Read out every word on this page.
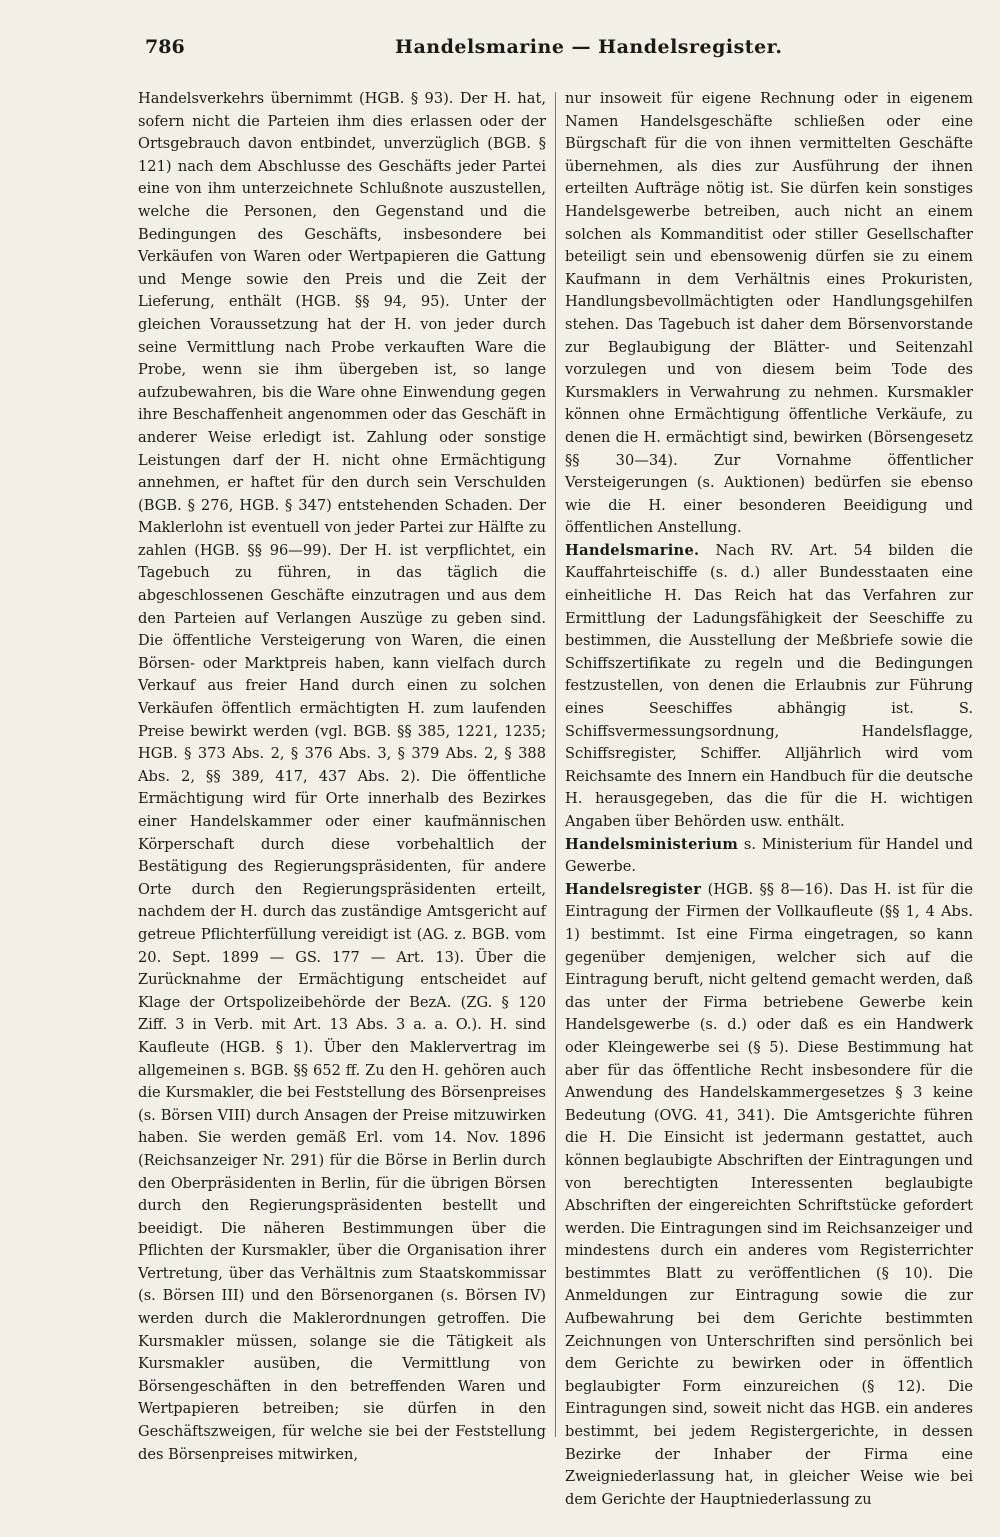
786	Handelsmarine — Handelsregister.

Handelsverkehrs übernimmt (HGB. § 93). Der H. hat, sofern nicht die Parteien ihm dies erlassen oder der Ortsgebrauch davon entbindet, unverzüglich (BGB. § 121) nach dem Abschlusse des Geschäfts jeder Partei eine von ihm unterzeichnete Schlußnote auszustellen, welche die Personen, den Gegenstand und die Bedingungen des Geschäfts, insbesondere bei Verkäufen von Waren oder Wertpapieren die Gattung und Menge sowie den Preis und die Zeit der Lieferung, enthält (HGB. §§ 94, 95). Unter der gleichen Voraussetzung hat der H. von jeder durch seine Vermittlung nach Probe verkauften Ware die Probe, wenn sie ihm übergeben ist, so lange aufzubewahren, bis die Ware ohne Einwendung gegen ihre Beschaffenheit angenommen oder das Geschäft in anderer Weise erledigt ist. Zahlung oder sonstige Leistungen darf der H. nicht ohne Ermächtigung annehmen, er haftet für den durch sein Verschulden (BGB. § 276, HGB. § 347) entstehenden Schaden. Der Maklerlohn ist eventuell von jeder Partei zur Hälfte zu zahlen (HGB. §§ 96—99). Der H. ist verpflichtet, ein Tagebuch zu führen, in das täglich die abgeschlossenen Geschäfte einzutragen und aus dem den Parteien auf Verlangen Auszüge zu geben sind. Die öffentliche Versteigerung von Waren, die einen Börsen- oder Marktpreis haben, kann vielfach durch Verkauf aus freier Hand durch einen zu solchen Verkäufen öffentlich ermächtigten H. zum laufenden Preise bewirkt werden (vgl. BGB. §§ 385, 1221, 1235; HGB. § 373 Abs. 2, § 376 Abs. 3, § 379 Abs. 2, § 388 Abs. 2, §§ 389, 417, 437 Abs. 2). Die öffentliche Ermächtigung wird für Orte innerhalb des Bezirkes einer Handelskammer oder einer kaufmännischen Körperschaft durch diese vorbehaltlich der Bestätigung des Regierungspräsidenten, für andere Orte durch den Regierungspräsidenten erteilt, nachdem der H. durch das zuständige Amtsgericht auf getreue Pflichterfüllung vereidigt ist (AG. z. BGB. vom 20. Sept. 1899 — GS. 177 — Art. 13). Über die Zurücknahme der Ermächtigung entscheidet auf Klage der Ortspolizeibehörde der BezA. (ZG. § 120 Ziff. 3 in Verb. mit Art. 13 Abs. 3 a. a. O.). H. sind Kaufleute (HGB. § 1). Über den Maklervertrag im allgemeinen s. BGB. §§ 652 ff. Zu den H. gehören auch die Kursmakler, die bei Feststellung des Börsenpreises (s. Börsen VIII) durch Ansagen der Preise mitzuwirken haben. Sie werden gemäß Erl. vom 14. Nov. 1896 (Reichsanzeiger Nr. 291) für die Börse in Berlin durch den Oberpräsidenten in Berlin, für die übrigen Börsen durch den Regierungspräsidenten bestellt und beeidigt. Die näheren Bestimmungen über die Pflichten der Kursmakler, über die Organisation ihrer Vertretung, über das Verhältnis zum Staatskommissar (s. Börsen III) und den Börsenorganen (s. Börsen IV) werden durch die Maklerordnungen getroffen. Die Kursmakler müssen, solange sie die Tätigkeit als Kursmakler ausüben, die Vermittlung von Börsengeschäften in den betreffenden Waren und Wertpapieren betreiben; sie dürfen in den Geschäftszweigen, für welche sie bei der Feststellung des Börsenpreises mitwirken,

nur insoweit für eigene Rechnung oder in eigenem Namen Handelsgeschäfte schließen oder eine Bürgschaft für die von ihnen vermittelten Geschäfte übernehmen, als dies zur Ausführung der ihnen erteilten Aufträge nötig ist. Sie dürfen kein sonstiges Handelsgewerbe betreiben, auch nicht an einem solchen als Kommanditist oder stiller Gesellschafter beteiligt sein und ebensowenig dürfen sie zu einem Kaufmann in dem Verhältnis eines Prokuristen, Handlungsbevollmächtigten oder Handlungsgehilfen stehen. Das Tagebuch ist daher dem Börsenvorstande zur Beglaubigung der Blätter- und Seitenzahl vorzulegen und von diesem beim Tode des Kursmaklers in Verwahrung zu nehmen. Kursmakler können ohne Ermächtigung öffentliche Verkäufe, zu denen die H. ermächtigt sind, bewirken (Börsengesetz §§ 30—34). Zur Vornahme öffentlicher Versteigerungen (s. Auktionen) bedürfen sie ebenso wie die H. einer besonderen Beeidigung und öffentlichen Anstellung.

Handelsmarine. Nach RV. Art. 54 bilden die Kauffahrteischiffe (s. d.) aller Bundesstaaten eine einheitliche H. Das Reich hat das Verfahren zur Ermittlung der Ladungsfähigkeit der Seeschiffe zu bestimmen, die Ausstellung der Meßbriefe sowie die Schiffszertifikate zu regeln und die Bedingungen festzustellen, von denen die Erlaubnis zur Führung eines Seeschiffes abhängig ist. S. Schiffsvermessungsordnung, Handelsflagge, Schiffsregister, Schiffer. Alljährlich wird vom Reichsamte des Innern ein Handbuch für die deutsche H. herausgegeben, das die für die H. wichtigen Angaben über Behörden usw. enthält.

Handelsministerium s. Ministerium für Handel und Gewerbe.

Handelsregister (HGB. §§ 8—16). Das H. ist für die Eintragung der Firmen der Vollkaufleute (§§ 1, 4 Abs. 1) bestimmt. Ist eine Firma eingetragen, so kann gegenüber demjenigen, welcher sich auf die Eintragung beruft, nicht geltend gemacht werden, daß das unter der Firma betriebene Gewerbe kein Handelsgewerbe (s. d.) oder daß es ein Handwerk oder Kleingewerbe sei (§ 5). Diese Bestimmung hat aber für das öffentliche Recht insbesondere für die Anwendung des Handelskammergesetzes § 3 keine Bedeutung (OVG. 41, 341). Die Amtsgerichte führen die H. Die Einsicht ist jedermann gestattet, auch können beglaubigte Abschriften der Eintragungen und von berechtigten Interessenten beglaubigte Abschriften der eingereichten Schriftstücke gefordert werden. Die Eintragungen sind im Reichsanzeiger und mindestens durch ein anderes vom Registerrichter bestimmtes Blatt zu veröffentlichen (§ 10). Die Anmeldungen zur Eintragung sowie die zur Aufbewahrung bei dem Gerichte bestimmten Zeichnungen von Unterschriften sind persönlich bei dem Gerichte zu bewirken oder in öffentlich beglaubigter Form einzureichen (§ 12). Die Eintragungen sind, soweit nicht das HGB. ein anderes bestimmt, bei jedem Registergerichte, in dessen Bezirke der Inhaber der Firma eine Zweigniederlassung hat, in gleicher Weise wie bei dem Gerichte der Hauptniederlassung zu
